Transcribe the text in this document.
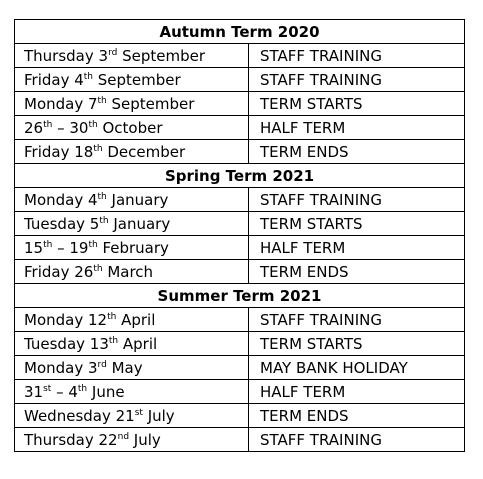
Autumn Term 2020	
Thursday 3rd September	STAFF TRAINING
Friday 4th September	STAFF TRAINING
Monday 7th September	TERM STARTS
26th – 30th October	HALF TERM
Friday 18th December	TERM ENDS
Spring Term 2021	
Monday 4th January	STAFF TRAINING
Tuesday 5th January	TERM STARTS
15th – 19th February	HALF TERM
Friday 26th March	TERM ENDS
Summer Term 2021	
Monday 12th April	STAFF TRAINING
Tuesday 13th April	TERM STARTS
Monday 3rd May	MAY BANK HOLIDAY
31st – 4th June	HALF TERM
Wednesday 21st July	TERM ENDS
Thursday 22nd July	STAFF TRAINING
